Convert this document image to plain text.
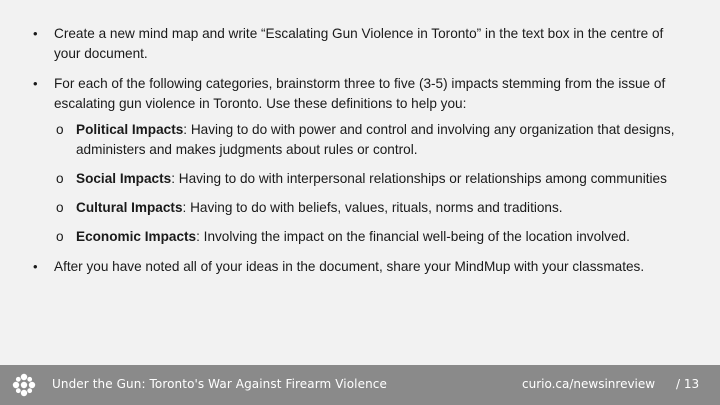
• Create a new mind map and write “Escalating Gun Violence in Toronto” in the text box in the centre of your document.
• For each of the following categories, brainstorm three to five (3-5) impacts stemming from the issue of escalating gun violence in Toronto. Use these definitions to help you:
o Political Impacts: Having to do with power and control and involving any organization that designs, administers and makes judgments about rules or control.
o Social Impacts: Having to do with interpersonal relationships or relationships among communities
o Cultural Impacts: Having to do with beliefs, values, rituals, norms and traditions.
o Economic Impacts: Involving the impact on the financial well-being of the location involved.
• After you have noted all of your ideas in the document, share your MindMup with your classmates.
Under the Gun: Toronto's War Against Firearm Violence	curio.ca/newsinreview / 13
